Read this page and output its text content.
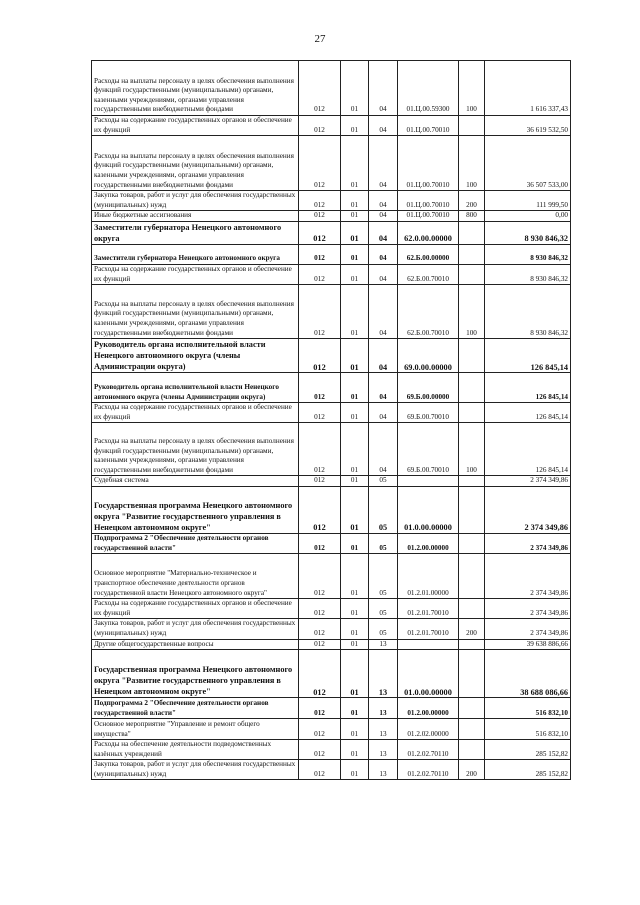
27
Расходы на выплаты персоналу в целях обеспечения выполнения функций государственными (муниципальными) органами, казенными учреждениями, органами управления государственными внебюджетными фондами	012	01	04	01.Ц.00.59300	100	1 616 337,43
Расходы на содержание государственных органов и обеспечение их функций	012	01	04	01.Ц.00.70010		36 619 532,50
Расходы на выплаты персоналу в целях обеспечения выполнения функций государственными (муниципальными) органами, казенными учреждениями, органами управления государственными внебюджетными фондами	012	01	04	01.Ц.00.70010	100	36 507 533,00
Закупка товаров, работ и услуг для обеспечения государственных (муниципальных) нужд	012	01	04	01.Ц.00.70010	200	111 999,50
Иные бюджетные ассигнования	012	01	04	01.Ц.00.70010	800	0,00
Заместители губернатора Ненецкого автономного округа	012	01	04	62.0.00.00000		8 930 846,32
Заместители губернатора Ненецкого автономного округа	012	01	04	62.Б.00.00000		8 930 846,32
Расходы на содержание государственных органов и обеспечение их функций	012	01	04	62.Б.00.70010		8 930 846,32
Расходы на выплаты персоналу в целях обеспечения выполнения функций государственными (муниципальными) органами, казенными учреждениями, органами управления государственными внебюджетными фондами	012	01	04	62.Б.00.70010	100	8 930 846,32
Руководитель органа исполнительной власти Ненецкого автономного округа (члены Администрации округа)	012	01	04	69.0.00.00000		126 845,14
Руководитель органа исполнительной власти Ненецкого автономного округа (члены Администрации округа)	012	01	04	69.Б.00.00000		126 845,14
Расходы на содержание государственных органов и обеспечение их функций	012	01	04	69.Б.00.70010		126 845,14
Расходы на выплаты персоналу в целях обеспечения выполнения функций государственными (муниципальными) органами, казенными учреждениями, органами управления государственными внебюджетными фондами	012	01	04	69.Б.00.70010	100	126 845,14
Судебная система	012	01	05			2 374 349,86
Государственная программа Ненецкого автономного округа "Развитие государственного управления в Ненецком автономном округе"	012	01	05	01.0.00.00000		2 374 349,86
Подпрограмма 2 "Обеспечение деятельности органов государственной власти"	012	01	05	01.2.00.00000		2 374 349,86
Основное мероприятие "Материально-техническое и транспортное обеспечение деятельности органов государственной власти Ненецкого автономного округа"	012	01	05	01.2.01.00000		2 374 349,86
Расходы на содержание государственных органов и обеспечение их функций	012	01	05	01.2.01.70010		2 374 349,86
Закупка товаров, работ и услуг для обеспечения государственных (муниципальных) нужд	012	01	05	01.2.01.70010	200	2 374 349,86
Другие общегосударственные вопросы	012	01	13			39 638 886,66
Государственная программа Ненецкого автономного округа "Развитие государственного управления в Ненецком автономном округе"	012	01	13	01.0.00.00000		38 688 086,66
Подпрограмма 2 "Обеспечение деятельности органов государственной власти"	012	01	13	01.2.00.00000		516 832,10
Основное мероприятие "Управление и ремонт общего имущества"	012	01	13	01.2.02.00000		516 832,10
Расходы на обеспечение деятельности подведомственных казённых учреждений	012	01	13	01.2.02.70110		285 152,82
Закупка товаров, работ и услуг для обеспечения государственных (муниципальных) нужд	012	01	13	01.2.02.70110	200	285 152,82
